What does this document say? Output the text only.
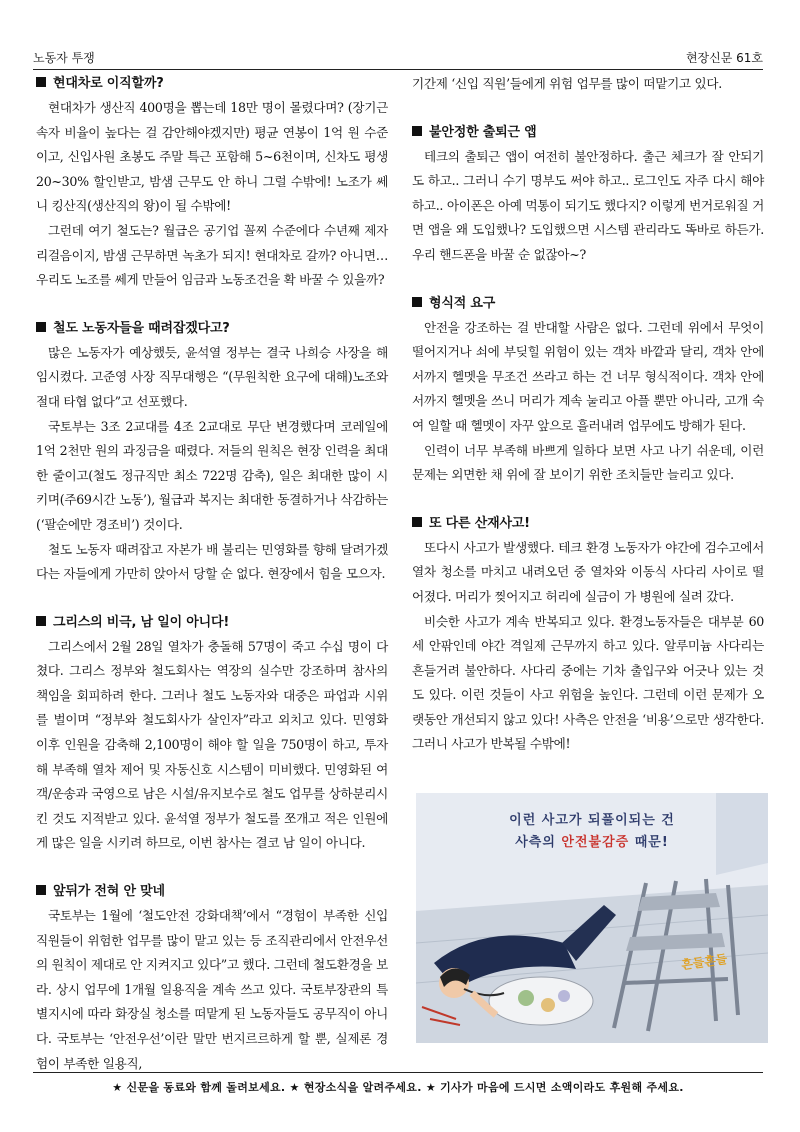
노동자 투쟁	현장신문 61호

현대차로 이직할까?

현대차가 생산직 400명을 뽑는데 18만 명이 몰렸다며? (장기근속자 비율이 높다는 걸 감안해야겠지만) 평균 연봉이 1억 원 수준이고, 신입사원 초봉도 주말 특근 포함해 5~6천이며, 신차도 평생 20~30% 할인받고, 밤샘 근무도 안 하니 그럴 수밖에! 노조가 쎄니 킹산직(생산직의 왕)이 될 수밖에!

그런데 여기 철도는? 월급은 공기업 꼴찌 수준에다 수년째 제자리걸음이지, 밤샘 근무하면 녹초가 되지! 현대차로 갈까? 아니면… 우리도 노조를 쎄게 만들어 임금과 노동조건을 확 바꿀 수 있을까?

철도 노동자들을 때려잡겠다고?

많은 노동자가 예상했듯, 윤석열 정부는 결국 나희승 사장을 해임시켰다. 고준영 사장 직무대행은 “(무원칙한 요구에 대해)노조와 절대 타협 없다”고 선포했다.

국토부는 3조 2교대를 4조 2교대로 무단 변경했다며 코레일에 1억 2천만 원의 과징금을 때렸다. 저들의 원칙은 현장 인력을 최대한 줄이고(철도 정규직만 최소 722명 감축), 일은 최대한 많이 시키며(주69시간 노동’), 월급과 복지는 최대한 동결하거나 삭감하는(‘팔순에만 경조비’) 것이다.

철도 노동자 때려잡고 자본가 배 불리는 민영화를 향해 달려가겠다는 자들에게 가만히 앉아서 당할 순 없다. 현장에서 힘을 모으자.

그리스의 비극, 남 일이 아니다!

그리스에서 2월 28일 열차가 충돌해 57명이 죽고 수십 명이 다쳤다. 그리스 정부와 철도회사는 역장의 실수만 강조하며 참사의 책임을 회피하려 한다. 그러나 철도 노동자와 대중은 파업과 시위를 벌이며 “정부와 철도회사가 살인자”라고 외치고 있다. 민영화 이후 인원을 감축해 2,100명이 해야 할 일을 750명이 하고, 투자해 부족해 열차 제어 및 자동신호 시스템이 미비했다. 민영화된 여객/운송과 국영으로 남은 시설/유지보수로 철도 업무를 상하분리시킨 것도 지적받고 있다. 윤석열 정부가 철도를 쪼개고 적은 인원에게 많은 일을 시키려 하므로, 이번 참사는 결코 남 일이 아니다.

앞뒤가 전혀 안 맞네

국토부는 1월에 ‘철도안전 강화대책’에서 “경험이 부족한 신입 직원들이 위험한 업무를 많이 맡고 있는 등 조직관리에서 안전우선의 원칙이 제대로 안 지켜지고 있다”고 했다. 그런데 철도환경을 보라. 상시 업무에 1개월 일용직을 계속 쓰고 있다. 국토부장관의 특별지시에 따라 화장실 청소를 떠맡게 된 노동자들도 공무직이 아니다. 국토부는 ‘안전우선’이란 말만 번지르르하게 할 뿐, 실제론 경험이 부족한 일용직,

기간제 ‘신입 직원’들에게 위험 업무를 많이 떠맡기고 있다.

불안정한 출퇴근 앱

테크의 출퇴근 앱이 여전히 불안정하다. 출근 체크가 잘 안되기도 하고.. 그러니 수기 명부도 써야 하고.. 로그인도 자주 다시 해야 하고.. 아이폰은 아예 먹통이 되기도 했다지? 이렇게 번거로워질 거면 앱을 왜 도입했나? 도입했으면 시스템 관리라도 똑바로 하든가. 우리 핸드폰을 바꿀 순 없잖아~?

형식적 요구

안전을 강조하는 걸 반대할 사람은 없다. 그런데 위에서 무엇이 떨어지거나 쇠에 부딪힐 위험이 있는 객차 바깥과 달리, 객차 안에서까지 헬멧을 무조건 쓰라고 하는 건 너무 형식적이다. 객차 안에서까지 헬멧을 쓰니 머리가 계속 눌리고 아플 뿐만 아니라, 고개 숙여 일할 때 헬멧이 자꾸 앞으로 흘러내려 업무에도 방해가 된다.

인력이 너무 부족해 바쁘게 일하다 보면 사고 나기 쉬운데, 이런 문제는 외면한 채 위에 잘 보이기 위한 조치들만 늘리고 있다.

또 다른 산재사고!

또다시 사고가 발생했다. 테크 환경 노동자가 야간에 검수고에서 열차 청소를 마치고 내려오던 중 열차와 이동식 사다리 사이로 떨어졌다. 머리가 찢어지고 허리에 실금이 가 병원에 실려 갔다.

비슷한 사고가 계속 반복되고 있다. 환경노동자들은 대부분 60세 안팎인데 야간 격일제 근무까지 하고 있다. 알루미늄 사다리는 흔들거려 불안하다. 사다리 중에는 기차 출입구와 어긋나 있는 것도 있다. 이런 것들이 사고 위험을 높인다. 그런데 이런 문제가 오랫동안 개선되지 않고 있다! 사측은 안전을 ‘비용’으로만 생각한다. 그러니 사고가 반복될 수밖에!

이런 사고가 되풀이되는 건
사측의 안전불감증 때문!
흔들흔들
★ 신문을 동료와 함께 돌려보세요. ★ 현장소식을 알려주세요. ★ 기사가 마음에 드시면 소액이라도 후원해 주세요.
